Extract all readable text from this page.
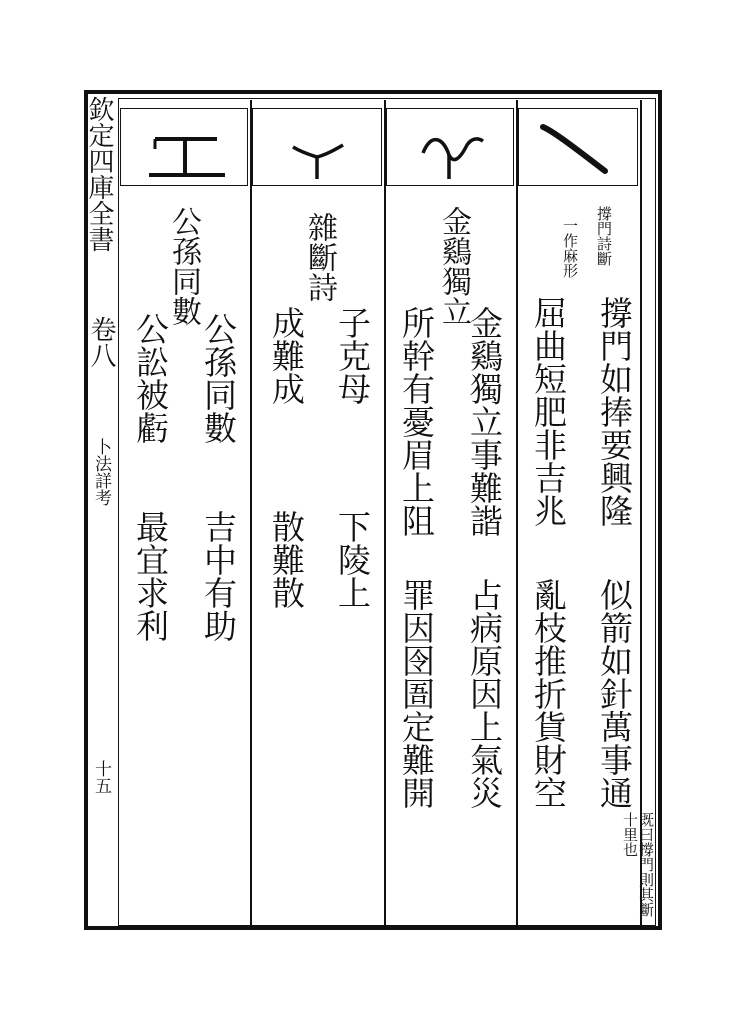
欽定四庫全書
卷八
卜法詳考
十五
撐門詩斷
一作麻形
撐門如捧要興隆
屈曲短肥非吉兆
似箭如針萬事通
亂枝推折貨財空
既曰撐門則其斷十里也
金鷄獨立
金鷄獨立事難諧
所幹有憂眉上阻
占病原因上氣災
罪因囹圄定難開
雜斷詩
子克母
成難成
下陵上
散難散
公孫同數
公孫同數
公訟被虧
吉中有助
最宜求利
